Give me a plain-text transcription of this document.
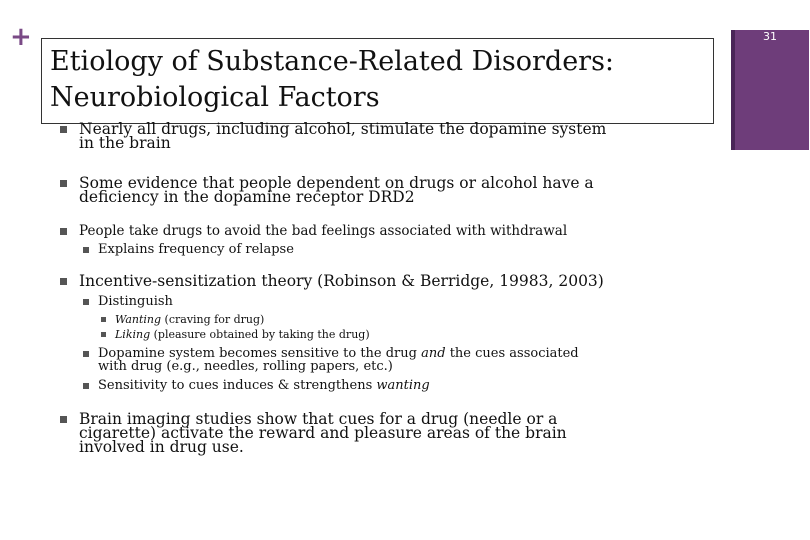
+
Etiology of Substance-Related Disorders:
Neurobiological Factors
31
Nearly all drugs, including alcohol, stimulate the dopamine system
in the brain
Some evidence that people dependent on drugs or alcohol have a
deficiency in the dopamine receptor DRD2
People take drugs to avoid the bad feelings associated with withdrawal
Explains frequency of relapse
Incentive-sensitization theory (Robinson & Berridge, 19983, 2003)
Distinguish
Wanting (craving for drug)
Liking (pleasure obtained by taking the drug)
Dopamine system becomes sensitive to the drug and the cues associated
with drug (e.g., needles, rolling papers, etc.)
Sensitivity to cues induces & strengthens wanting
Brain imaging studies show that cues for a drug (needle or a
cigarette) activate the reward and pleasure areas of the brain
involved in drug use.
